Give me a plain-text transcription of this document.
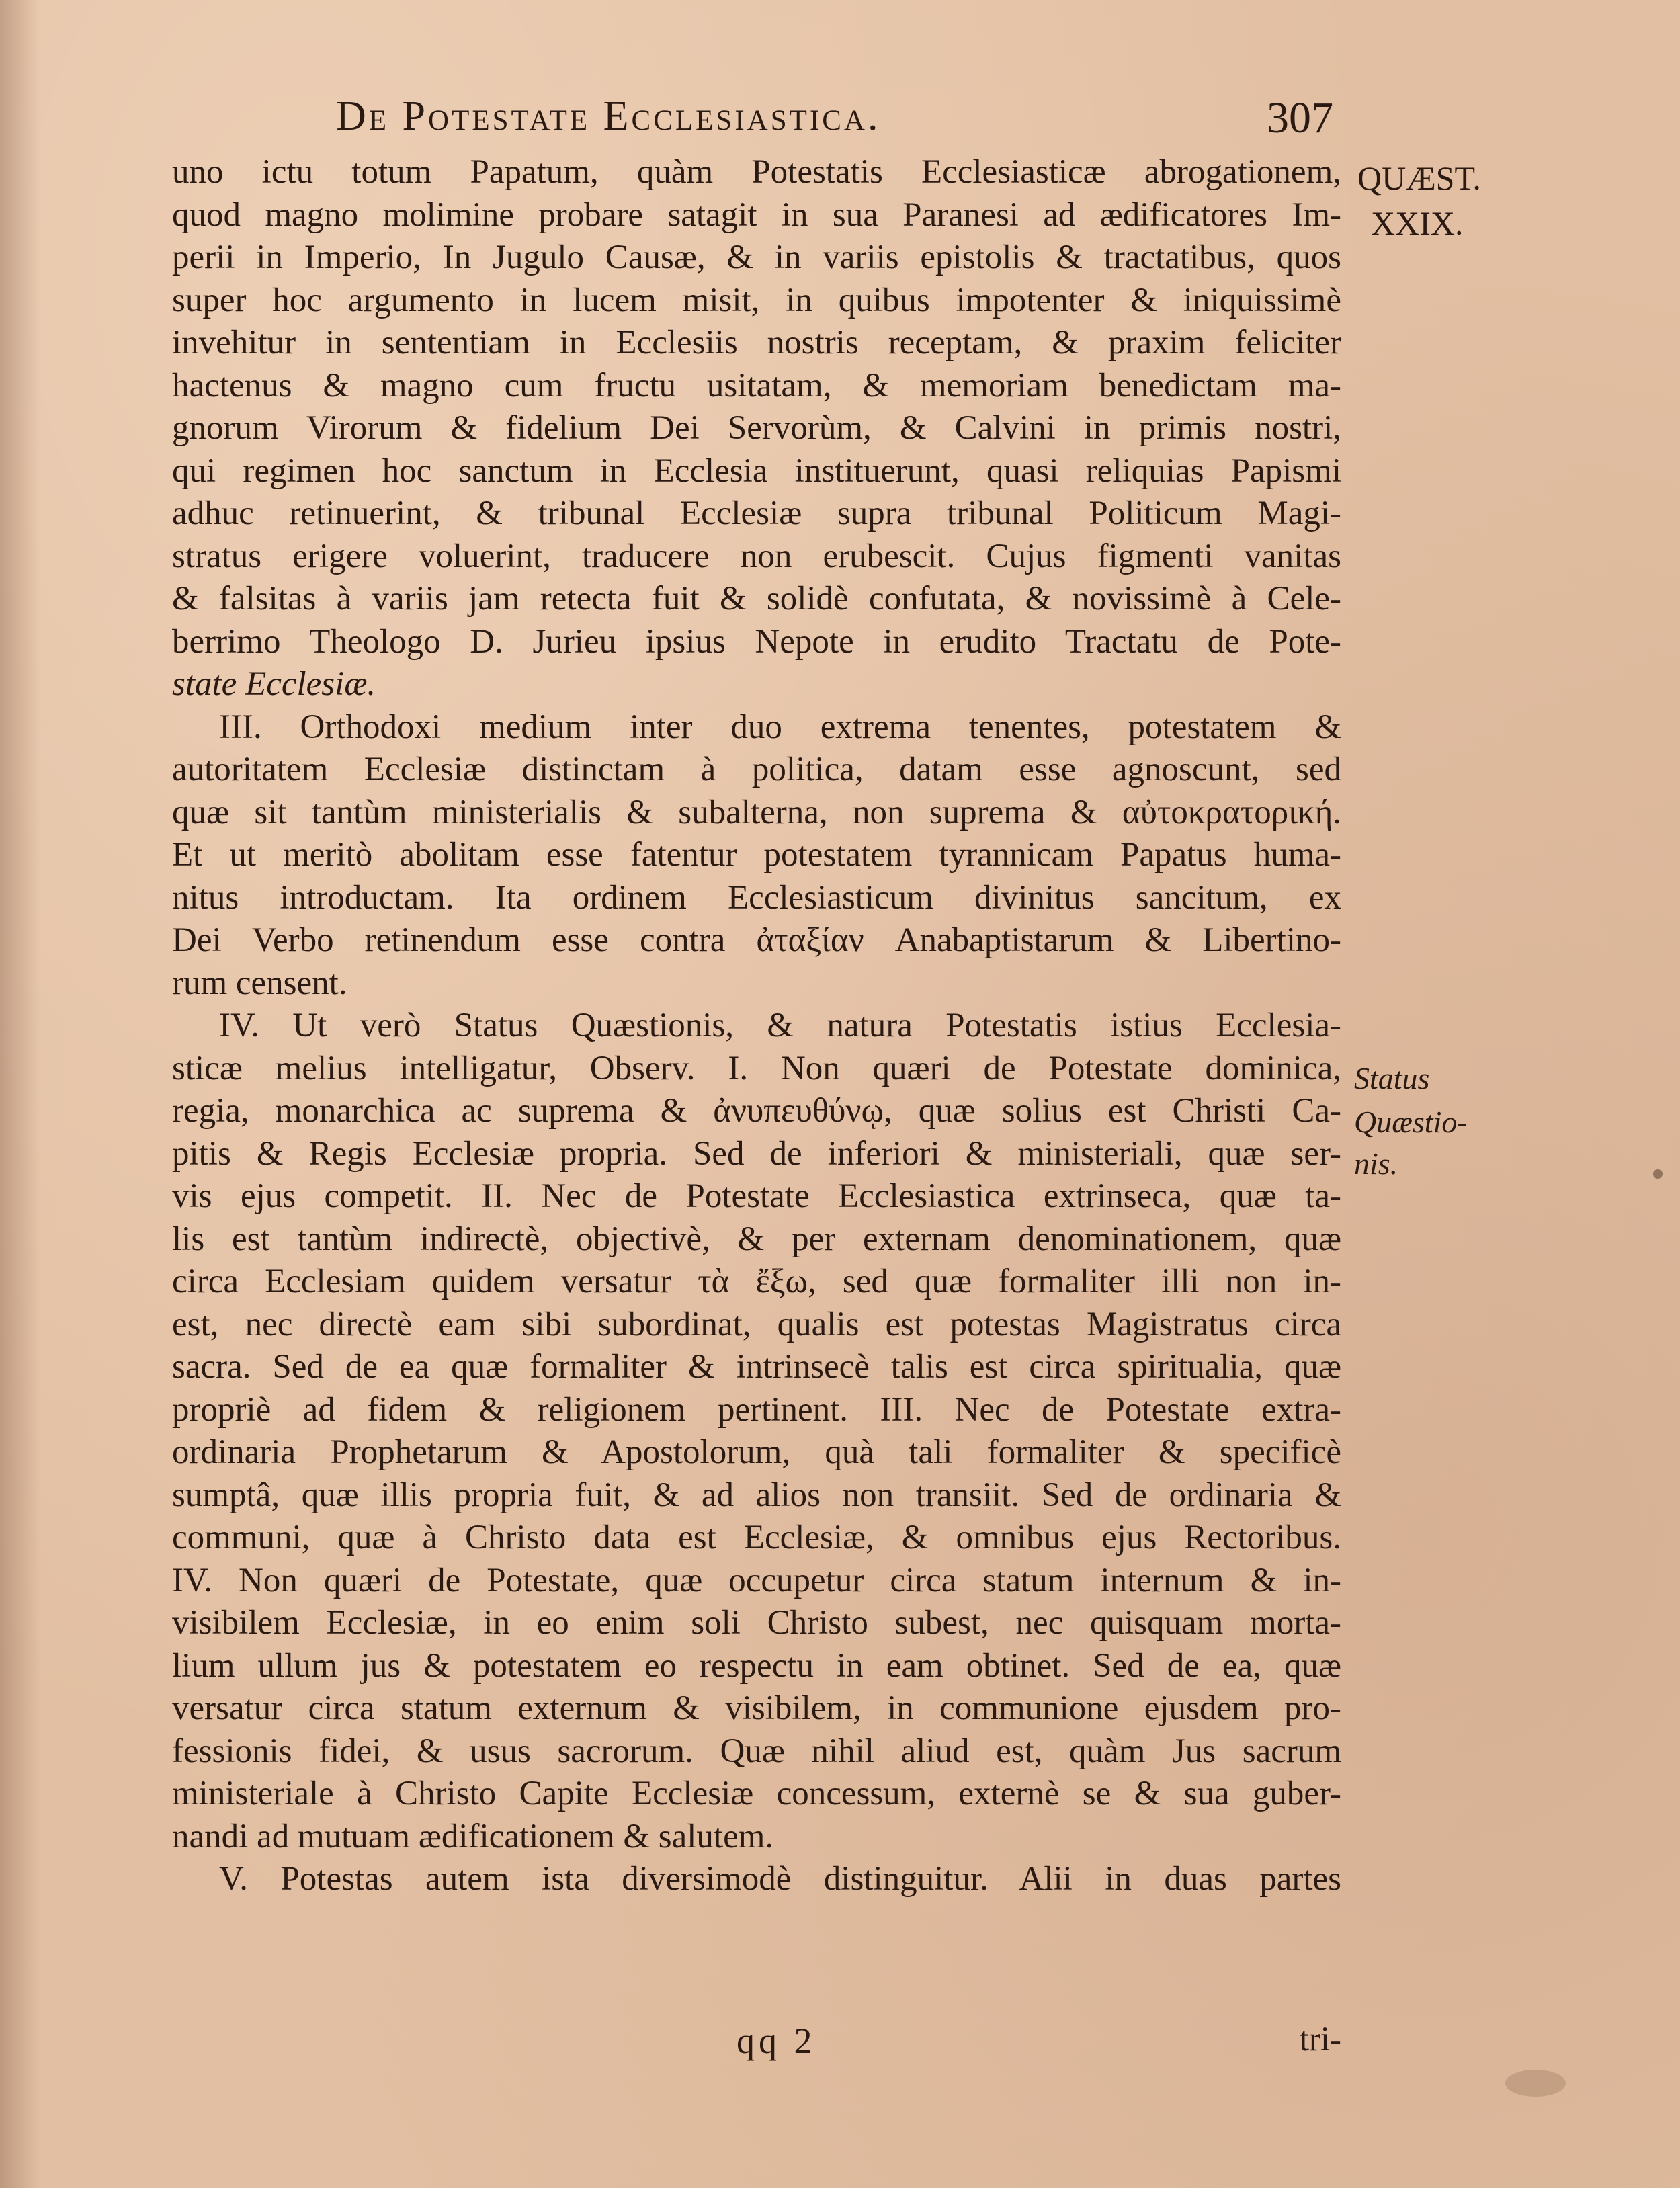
De Potestate Ecclesiastica.	307
uno ictu totum Papatum, quàm Potestatis Ecclesiasticæ abrogationem,
quod magno molimine probare satagit in sua Paranesi ad ædificatores Im-
perii in Imperio, In Jugulo Causæ, & in variis epistolis & tractatibus, quos
super hoc argumento in lucem misit, in quibus impotenter & iniquissimè
invehitur in sententiam in Ecclesiis nostris receptam, & praxim feliciter
hactenus & magno cum fructu usitatam, & memoriam benedictam ma-
gnorum Virorum & fidelium Dei Servorùm, & Calvini in primis nostri,
qui regimen hoc sanctum in Ecclesia instituerunt, quasi reliquias Papismi
adhuc retinuerint, & tribunal Ecclesiæ supra tribunal Politicum Magi-
stratus erigere voluerint, traducere non erubescit. Cujus figmenti vanitas
& falsitas à variis jam retecta fuit & solidè confutata, & novissimè à Cele-
berrimo Theologo D. Jurieu ipsius Nepote in erudito Tractatu de Pote-
state Ecclesiæ.
III. Orthodoxi medium inter duo extrema tenentes, potestatem &
autoritatem Ecclesiæ distinctam à politica, datam esse agnoscunt, sed
quæ sit tantùm ministerialis & subalterna, non suprema & αὐτοκρατορική.
Et ut meritò abolitam esse fatentur potestatem tyrannicam Papatus huma-
nitus introductam. Ita ordinem Ecclesiasticum divinitus sancitum, ex
Dei Verbo retinendum esse contra ἀταξίαν Anabaptistarum & Libertino-
rum censent.
IV. Ut verò Status Quæstionis, & natura Potestatis istius Ecclesia-
sticæ melius intelligatur, Observ. I. Non quæri de Potestate dominica,
regia, monarchica ac suprema & ἀνυπευθύνῳ, quæ solius est Christi Ca-
pitis & Regis Ecclesiæ propria. Sed de inferiori & ministeriali, quæ ser-
vis ejus competit. II. Nec de Potestate Ecclesiastica extrinseca, quæ ta-
lis est tantùm indirectè, objectivè, & per externam denominationem, quæ
circa Ecclesiam quidem versatur τὰ ἔξω, sed quæ formaliter illi non in-
est, nec directè eam sibi subordinat, qualis est potestas Magistratus circa
sacra. Sed de ea quæ formaliter & intrinsecè talis est circa spiritualia, quæ
propriè ad fidem & religionem pertinent. III. Nec de Potestate extra-
ordinaria Prophetarum & Apostolorum, quà tali formaliter & specificè
sumptâ, quæ illis propria fuit, & ad alios non transiit. Sed de ordinaria &
communi, quæ à Christo data est Ecclesiæ, & omnibus ejus Rectoribus.
IV. Non quæri de Potestate, quæ occupetur circa statum internum & in-
visibilem Ecclesiæ, in eo enim soli Christo subest, nec quisquam morta-
lium ullum jus & potestatem eo respectu in eam obtinet. Sed de ea, quæ
versatur circa statum externum & visibilem, in communione ejusdem pro-
fessionis fidei, & usus sacrorum. Quæ nihil aliud est, quàm Jus sacrum
ministeriale à Christo Capite Ecclesiæ concessum, externè se & sua guber-
nandi ad mutuam ædificationem & salutem.
V. Potestas autem ista diversimodè distinguitur. Alii in duas partes
QUÆST.
XXIX.
Status
Quæstio-
nis.
qq 2	tri-
